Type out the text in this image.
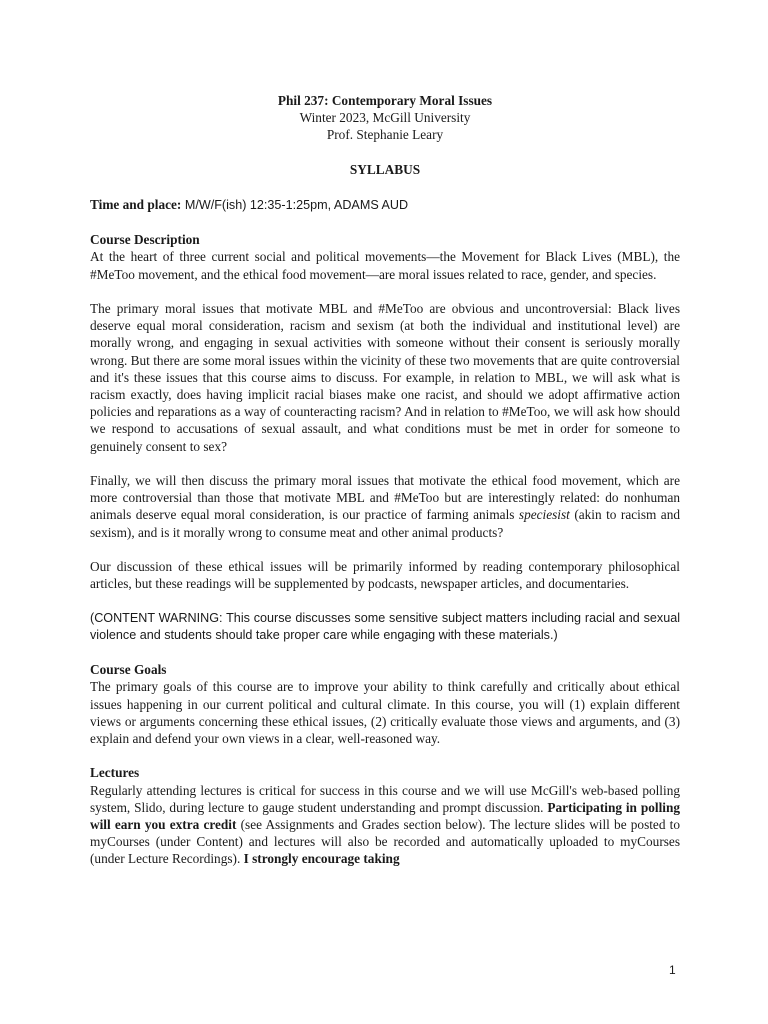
Phil 237: Contemporary Moral Issues
Winter 2023, McGill University
Prof. Stephanie Leary
SYLLABUS

Time and place: M/W/F(ish) 12:35-1:25pm, ADAMS AUD

Course Description

At the heart of three current social and political movements—the Movement for Black Lives (MBL), the #MeToo movement, and the ethical food movement—are moral issues related to race, gender, and species.

The primary moral issues that motivate MBL and #MeToo are obvious and uncontroversial: Black lives deserve equal moral consideration, racism and sexism (at both the individual and institutional level) are morally wrong, and engaging in sexual activities with someone without their consent is seriously morally wrong. But there are some moral issues within the vicinity of these two movements that are quite controversial and it's these issues that this course aims to discuss. For example, in relation to MBL, we will ask what is racism exactly, does having implicit racial biases make one racist, and should we adopt affirmative action policies and reparations as a way of counteracting racism? And in relation to #MeToo, we will ask how should we respond to accusations of sexual assault, and what conditions must be met in order for someone to genuinely consent to sex?

Finally, we will then discuss the primary moral issues that motivate the ethical food movement, which are more controversial than those that motivate MBL and #MeToo but are interestingly related: do nonhuman animals deserve equal moral consideration, is our practice of farming animals speciesist (akin to racism and sexism), and is it morally wrong to consume meat and other animal products?

Our discussion of these ethical issues will be primarily informed by reading contemporary philosophical articles, but these readings will be supplemented by podcasts, newspaper articles, and documentaries.

(CONTENT WARNING: This course discusses some sensitive subject matters including racial and sexual violence and students should take proper care while engaging with these materials.)

Course Goals

The primary goals of this course are to improve your ability to think carefully and critically about ethical issues happening in our current political and cultural climate. In this course, you will (1) explain different views or arguments concerning these ethical issues, (2) critically evaluate those views and arguments, and (3) explain and defend your own views in a clear, well-reasoned way.

Lectures

Regularly attending lectures is critical for success in this course and we will use McGill's web-based polling system, Slido, during lecture to gauge student understanding and prompt discussion. Participating in polling will earn you extra credit (see Assignments and Grades section below). The lecture slides will be posted to myCourses (under Content) and lectures will also be recorded and automatically uploaded to myCourses (under Lecture Recordings). I strongly encourage taking

1
